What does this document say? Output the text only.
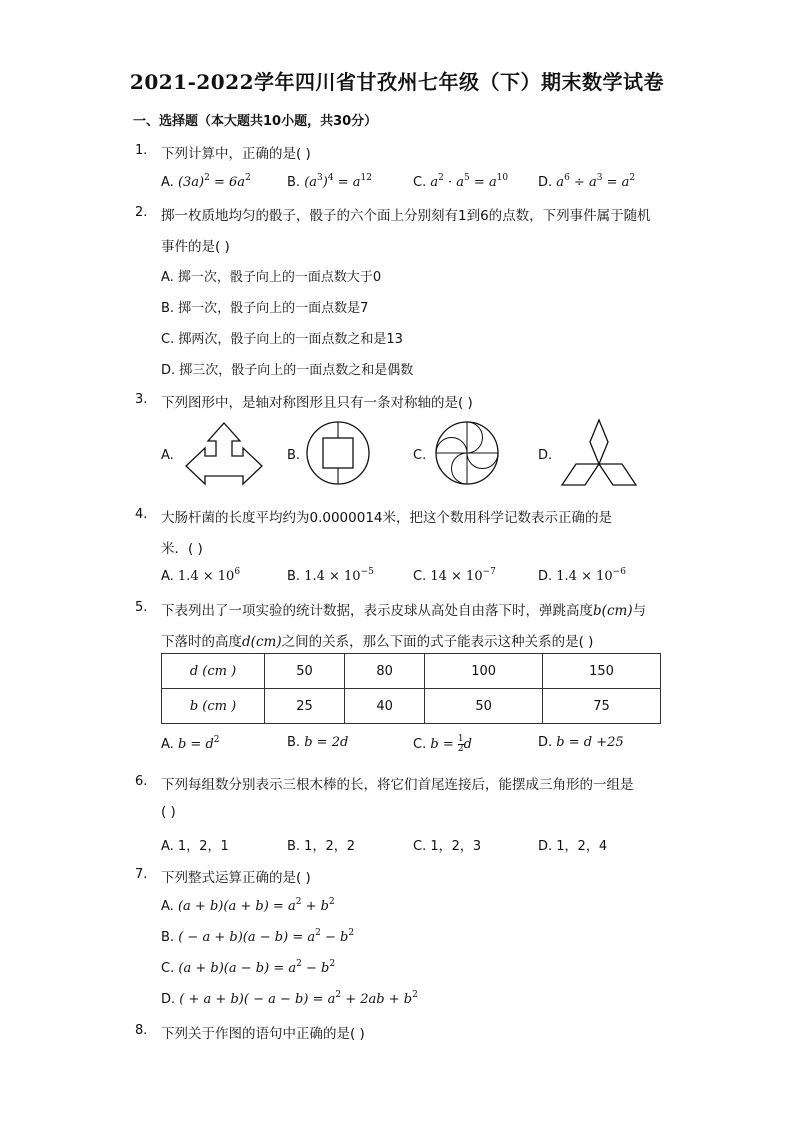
2021-2022学年四川省甘孜州七年级（下）期末数学试卷
一、选择题（本大题共10小题，共30分）
1. 下列计算中，正确的是( )
A. $(3a)^2 = 6a^2$	B. $(a^3)^4 = a^{12}$	C. $a^2 \cdot a^5 = a^{10}$ D. $a^6 \div a^3 = a^2$
2. 掷一枚质地均匀的骰子，骰子的六个面上分别刻有1到6的点数，下列事件属于随机
事件的是( )
A. 掷一次，骰子向上的一面点数大于0
B. 掷一次，骰子向上的一面点数是7
C. 掷两次，骰子向上的一面点数之和是13
D. 掷三次，骰子向上的一面点数之和是偶数
3. 下列图形中，是轴对称图形且只有一条对称轴的是( )
A.	B.	C.	D.
4. 大肠杆菌的长度平均约为0.0000014米，把这个数用科学记数表示正确的是
米．( )
A. $1.4 \times 10^6$	B. $1.4 \times 10^{-5}$	C. $14 \times 10^{-7}$	D. $1.4 \times 10^{-6}$
5. 下表列出了一项实验的统计数据，表示皮球从高处自由落下时，弹跳高度b(cm)与
下落时的高度d(cm)之间的关系，那么下面的式子能表示这种关系的是( )
d (cm )	50	80	100	150
b (cm )	25	40	50	75
A. $b = d^2$	B. b = 2d	C. $b = \frac{1}{2}$ d	D. b = d +25
6. 下列每组数分别表示三根木棒的长，将它们首尾连接后，能摆成三角形的一组是
( )
A. 1，2，1	B. 1，2，2	C. 1，2，3	D. 1，2，4
7. 下列整式运算正确的是( )
A. $(a + b)(a + b) = a^2 + b^2$
B. ( − $a + b)(a - b) = a^2 - b^2$
C. $(a + b)(a - b) = a^2 - b^2$
D. ( + $a + b)( - a - b) = a^2 + 2ab + b^2$
8. 下列关于作图的语句中正确的是( )
